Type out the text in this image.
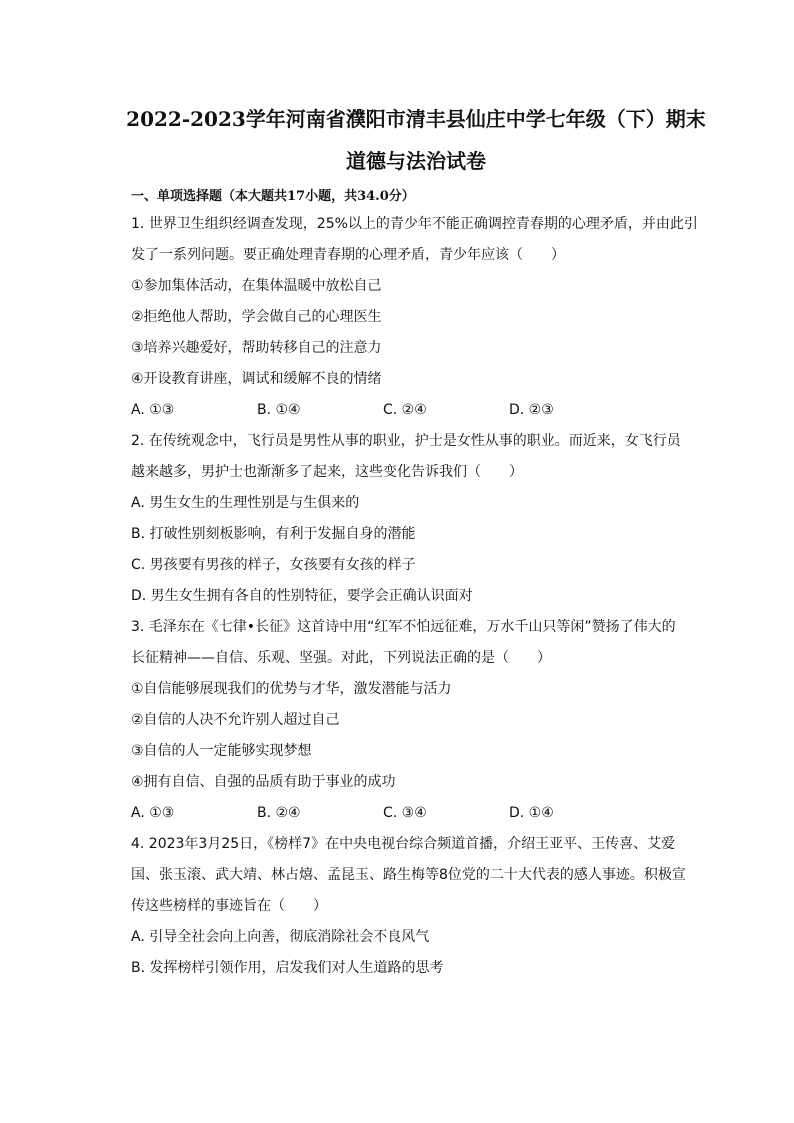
2022-2023学年河南省濮阳市清丰县仙庄中学七年级（下）期末
道德与法治试卷
一、单项选择题（本大题共17小题，共34.0分）
1. 世界卫生组织经调查发现，25%以上的青少年不能正确调控青春期的心理矛盾，并由此引
发了一系列问题。要正确处理青春期的心理矛盾，青少年应该（　　）
①参加集体活动，在集体温暖中放松自己
②拒绝他人帮助，学会做自己的心理医生
③培养兴趣爱好，帮助转移自己的注意力
④开设教育讲座，调试和缓解不良的情绪
A. ①③	B. ①④	C. ②④	D. ②③
2. 在传统观念中，飞行员是男性从事的职业，护士是女性从事的职业。而近来，女飞行员
越来越多，男护士也渐渐多了起来，这些变化告诉我们（　　）
A. 男生女生的生理性别是与生俱来的
B. 打破性别刻板影响，有利于发掘自身的潜能
C. 男孩要有男孩的样子，女孩要有女孩的样子
D. 男生女生拥有各自的性别特征，要学会正确认识面对
3. 毛泽东在《七律•长征》这首诗中用“红军不怕远征难，万水千山只等闲”赞扬了伟大的
长征精神——自信、乐观、坚强。对此，下列说法正确的是（　　）
①自信能够展现我们的优势与才华，激发潜能与活力
②自信的人决不允许别人超过自己
③自信的人一定能够实现梦想
④拥有自信、自强的品质有助于事业的成功
A. ①③	B. ②④	C. ③④	D. ①④
4. 2023年3月25日，《榜样7》在中央电视台综合频道首播，介绍王亚平、王传喜、艾爱
国、张玉滚、武大靖、林占熺、孟昆玉、路生梅等8位党的二十大代表的感人事迹。积极宣
传这些榜样的事迹旨在（　　）
A. 引导全社会向上向善，彻底消除社会不良风气
B. 发挥榜样引领作用，启发我们对人生道路的思考
